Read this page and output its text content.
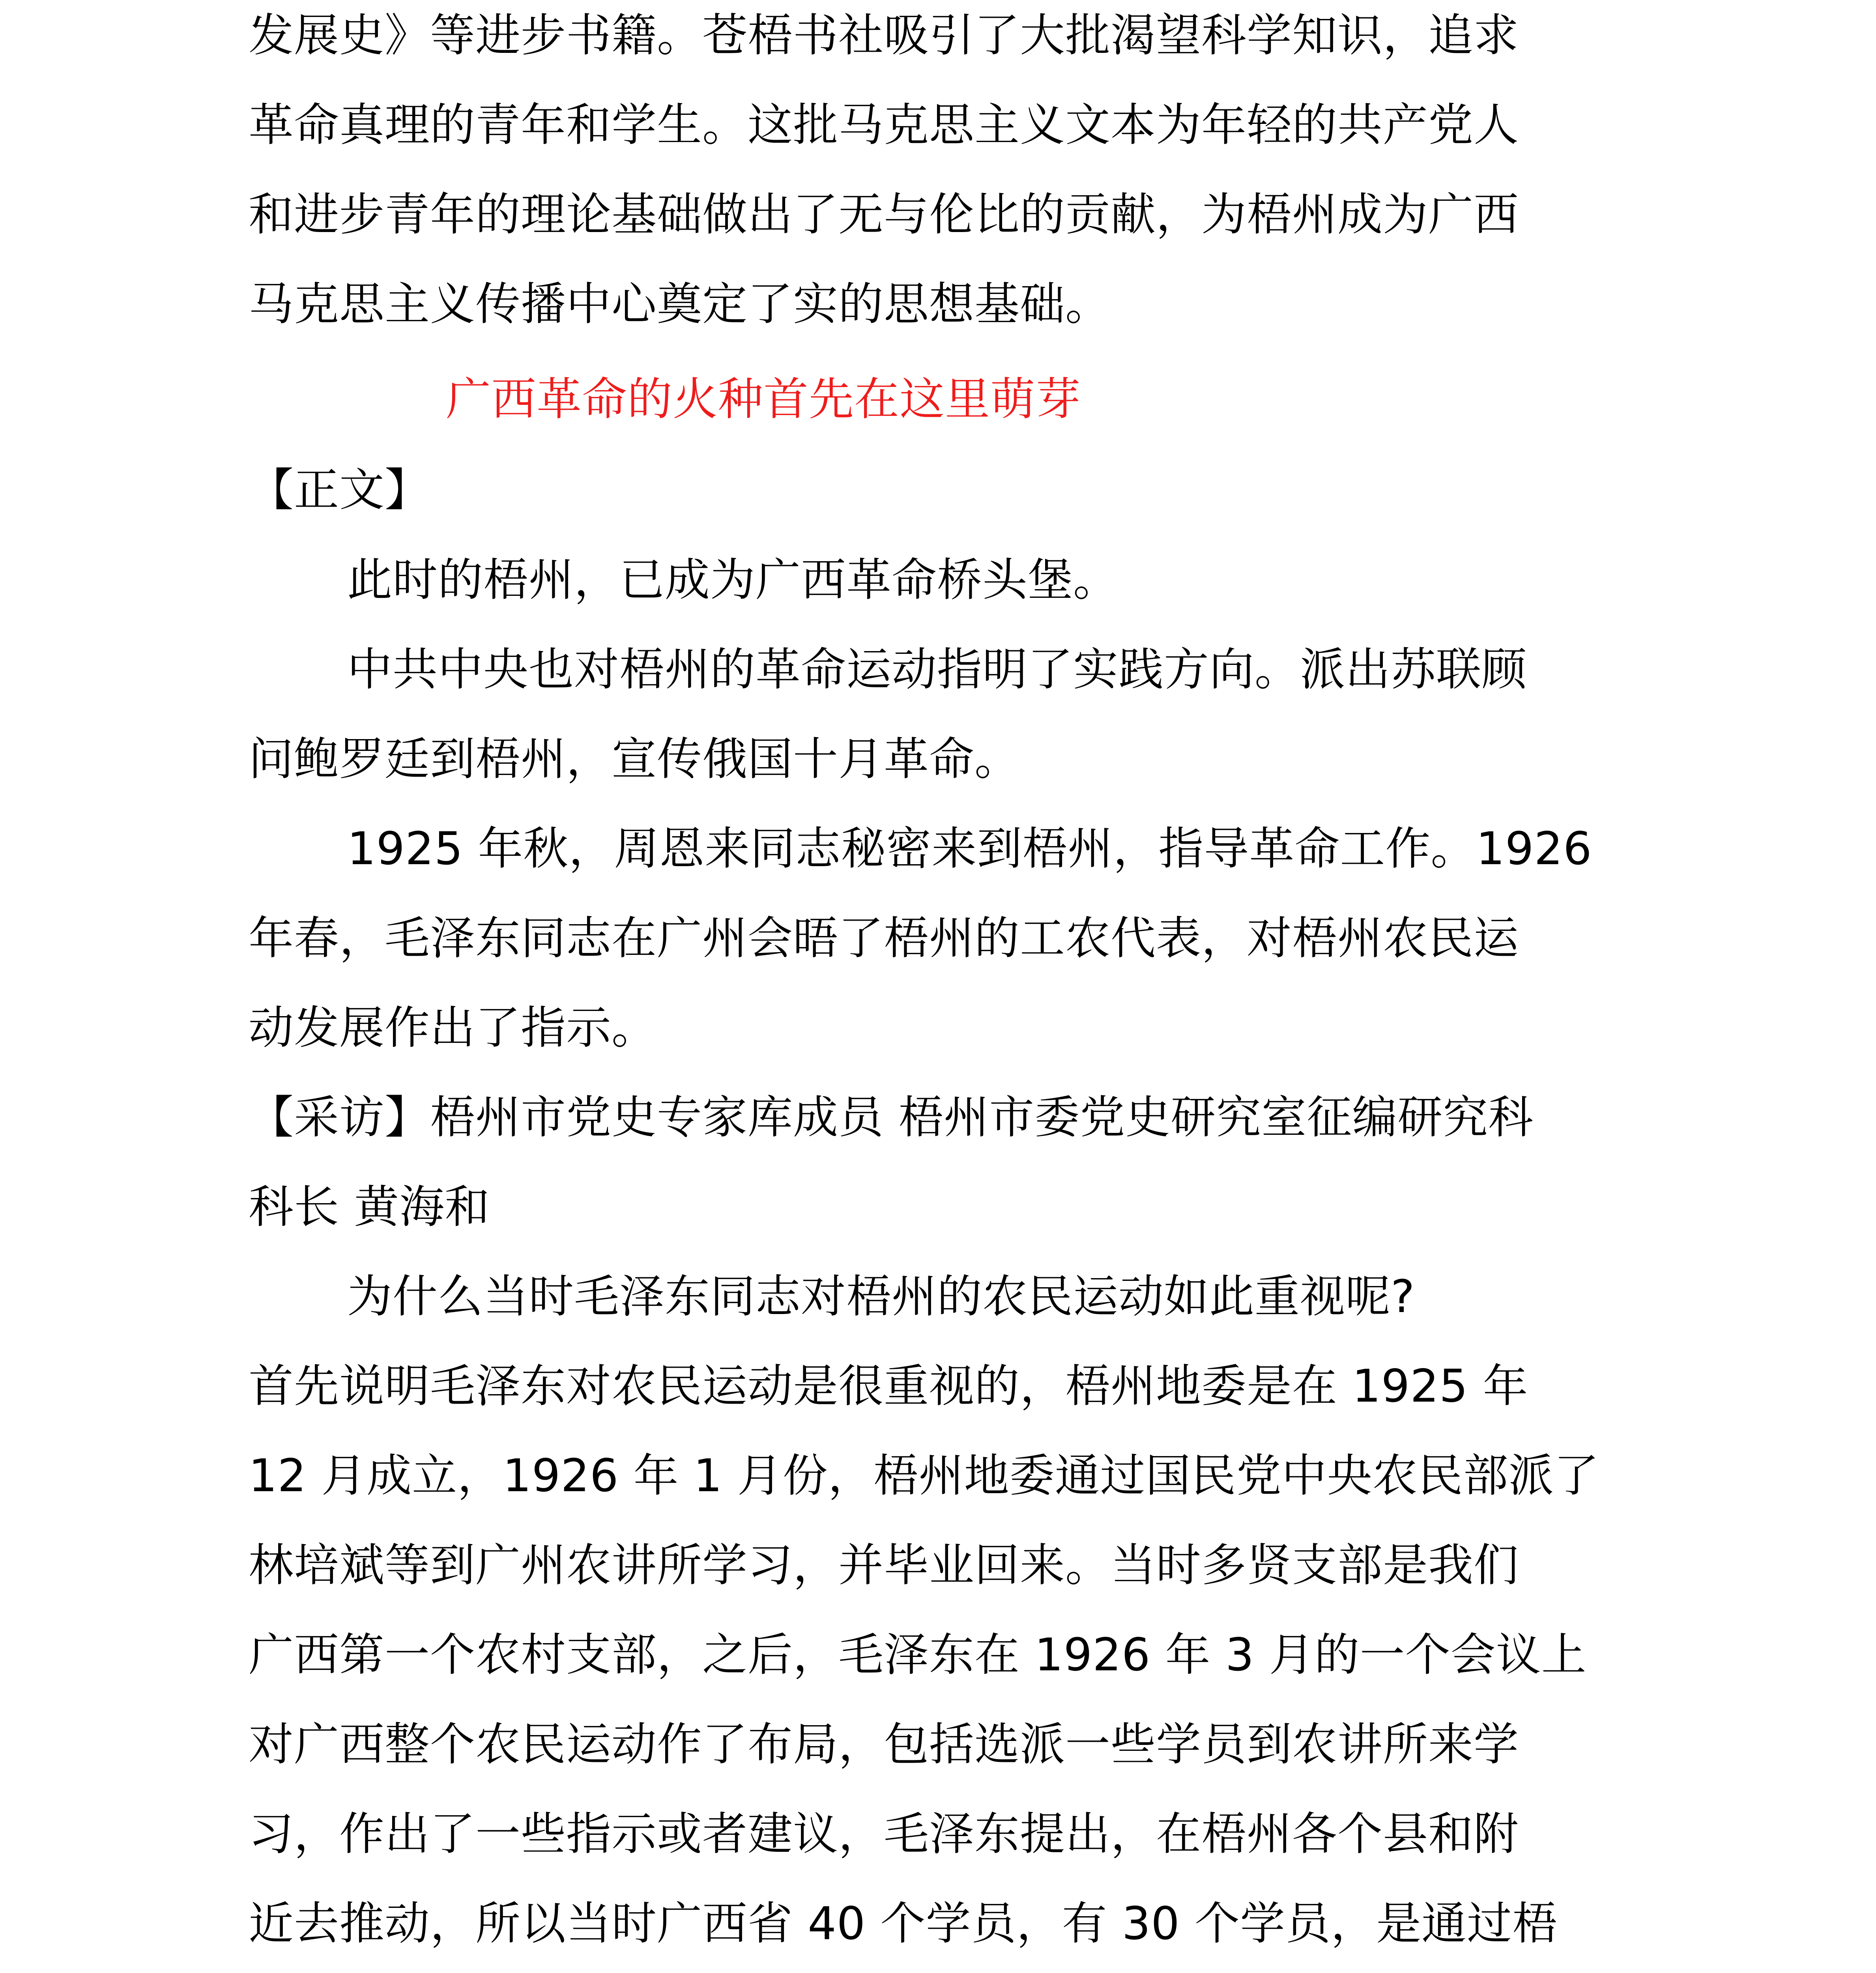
发展史》等进步书籍。苍梧书社吸引了大批渴望科学知识，追求
革命真理的青年和学生。这批马克思主义文本为年轻的共产党人
和进步青年的理论基础做出了无与伦比的贡献，为梧州成为广西
马克思主义传播中心奠定了实的思想基础。
广西革命的火种首先在这里萌芽
【正文】
此时的梧州，已成为广西革命桥头堡。
中共中央也对梧州的革命运动指明了实践方向。派出苏联顾
问鲍罗廷到梧州，宣传俄国十月革命。
1925 年秋，周恩来同志秘密来到梧州，指导革命工作。1926
年春，毛泽东同志在广州会晤了梧州的工农代表，对梧州农民运
动发展作出了指示。
【采访】梧州市党史专家库成员 梧州市委党史研究室征编研究科
科长 黄海和
为什么当时毛泽东同志对梧州的农民运动如此重视呢?
首先说明毛泽东对农民运动是很重视的，梧州地委是在 1925 年
12 月成立，1926 年 1 月份，梧州地委通过国民党中央农民部派了
林培斌等到广州农讲所学习，并毕业回来。当时多贤支部是我们
广西第一个农村支部，之后，毛泽东在 1926 年 3 月的一个会议上
对广西整个农民运动作了布局，包括选派一些学员到农讲所来学
习，作出了一些指示或者建议，毛泽东提出，在梧州各个县和附
近去推动，所以当时广西省 40 个学员，有 30 个学员，是通过梧
